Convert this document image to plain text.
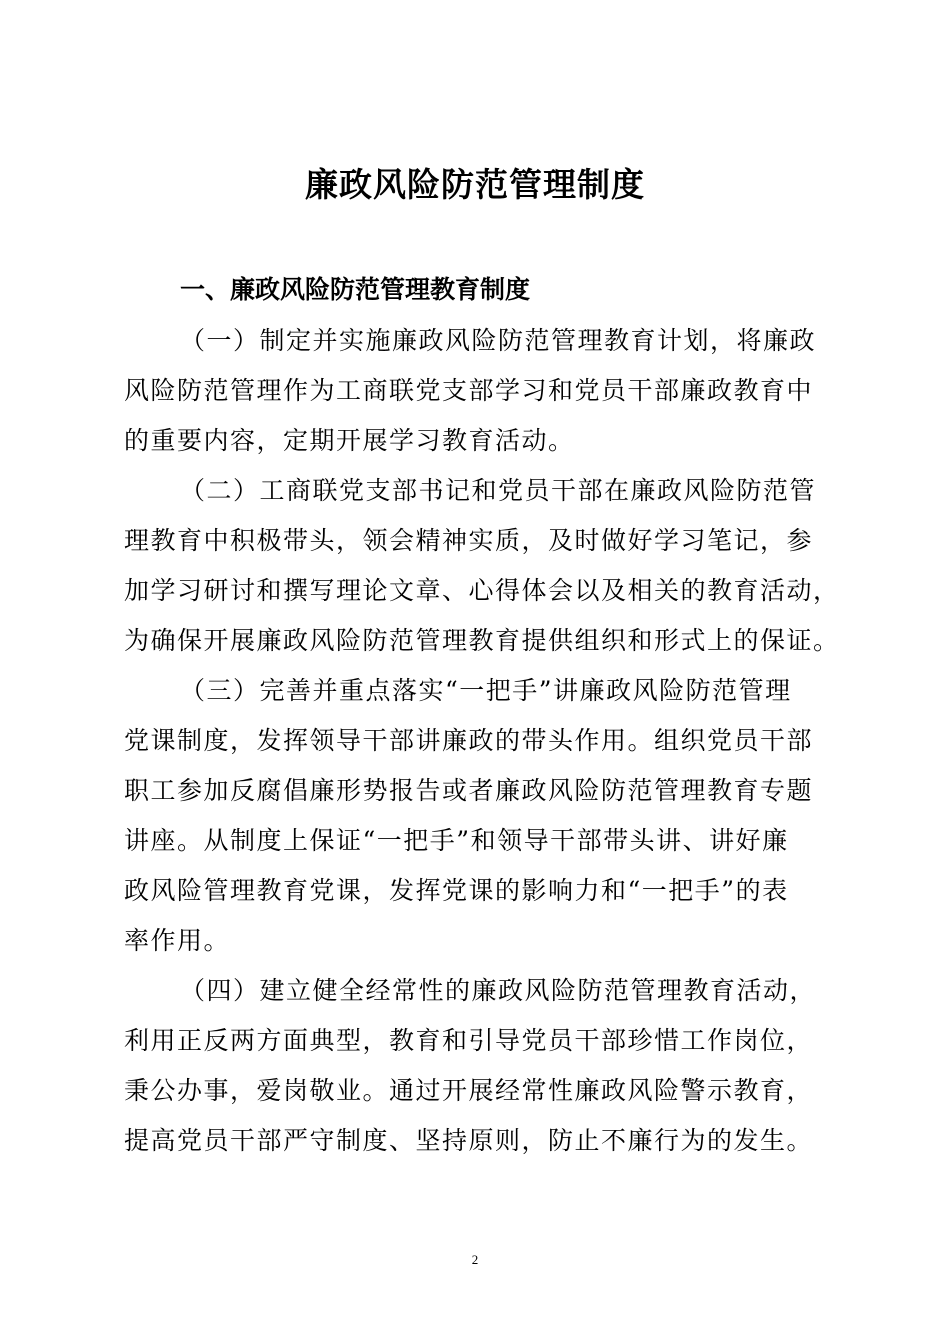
廉政风险防范管理制度
一、廉政风险防范管理教育制度

（一）制定并实施廉政风险防范管理教育计划，将廉政
风险防范管理作为工商联党支部学习和党员干部廉政教育中
的重要内容，定期开展学习教育活动。

（二）工商联党支部书记和党员干部在廉政风险防范管
理教育中积极带头，领会精神实质，及时做好学习笔记，参
加学习研讨和撰写理论文章、心得体会以及相关的教育活动，
为确保开展廉政风险防范管理教育提供组织和形式上的保证。

（三）完善并重点落实“一把手”讲廉政风险防范管理
党课制度，发挥领导干部讲廉政的带头作用。组织党员干部
职工参加反腐倡廉形势报告或者廉政风险防范管理教育专题
讲座。从制度上保证“一把手”和领导干部带头讲、讲好廉
政风险管理教育党课，发挥党课的影响力和“一把手”的表
率作用。

（四）建立健全经常性的廉政风险防范管理教育活动，
利用正反两方面典型，教育和引导党员干部珍惜工作岗位，
秉公办事，爱岗敬业。通过开展经常性廉政风险警示教育，
提高党员干部严守制度、坚持原则，防止不廉行为的发生。

2
